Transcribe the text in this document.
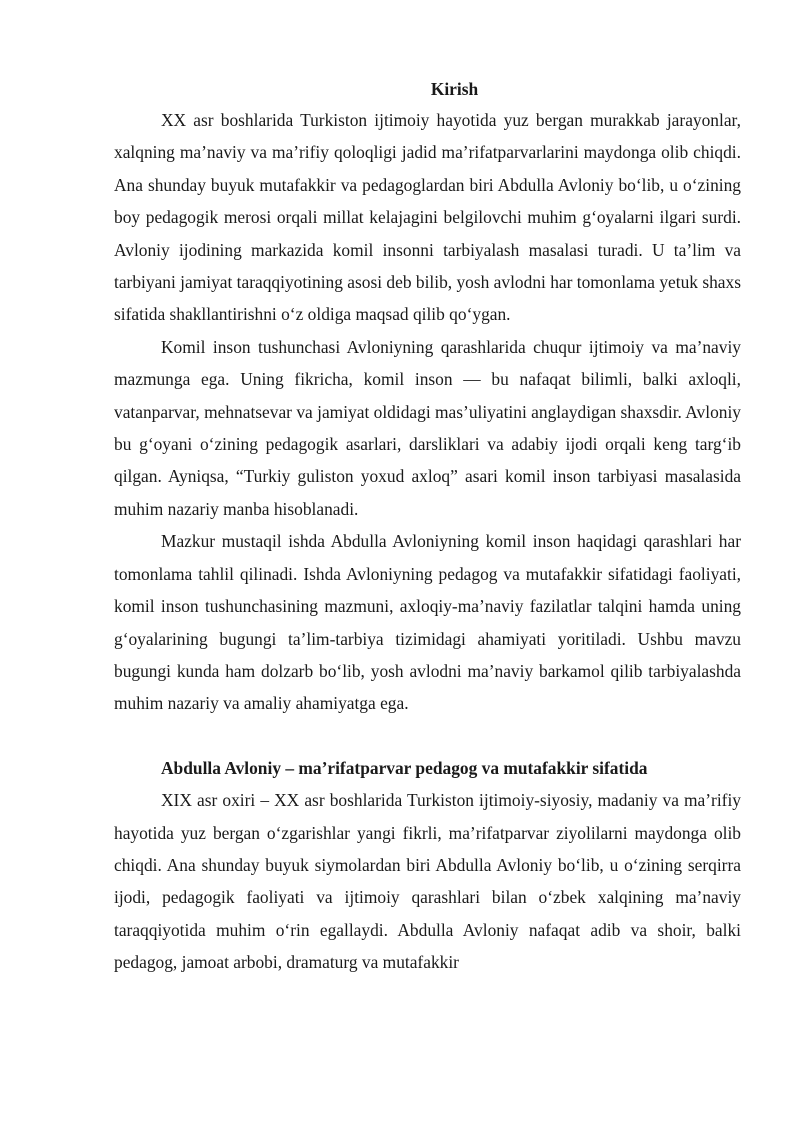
Kirish

XX asr boshlarida Turkiston ijtimoiy hayotida yuz bergan murakkab jarayonlar, xalqning ma’naviy va ma’rifiy qoloqligi jadid ma’rifatparvarlarini maydonga olib chiqdi. Ana shunday buyuk mutafakkir va pedagoglardan biri Abdulla Avloniy bo‘lib, u o‘zining boy pedagogik merosi orqali millat kelajagini belgilovchi muhim g‘oyalarni ilgari surdi. Avloniy ijodining markazida komil insonni tarbiyalash masalasi turadi. U ta’lim va tarbiyani jamiyat taraqqiyotining asosi deb bilib, yosh avlodni har tomonlama yetuk shaxs sifatida shakllantirishni o‘z oldiga maqsad qilib qo‘ygan.

Komil inson tushunchasi Avloniyning qarashlarida chuqur ijtimoiy va ma’naviy mazmunga ega. Uning fikricha, komil inson — bu nafaqat bilimli, balki axloqli, vatanparvar, mehnatsevar va jamiyat oldidagi mas’uliyatini anglaydigan shaxsdir. Avloniy bu g‘oyani o‘zining pedagogik asarlari, darsliklari va adabiy ijodi orqali keng targ‘ib qilgan. Ayniqsa, “Turkiy guliston yoxud axloq” asari komil inson tarbiyasi masalasida muhim nazariy manba hisoblanadi.

Mazkur mustaqil ishda Abdulla Avloniyning komil inson haqidagi qarashlari har tomonlama tahlil qilinadi. Ishda Avloniyning pedagog va mutafakkir sifatidagi faoliyati, komil inson tushunchasining mazmuni, axloqiy-ma’naviy fazilatlar talqini hamda uning g‘oyalarining bugungi ta’lim-tarbiya tizimidagi ahamiyati yoritiladi. Ushbu mavzu bugungi kunda ham dolzarb bo‘lib, yosh avlodni ma’naviy barkamol qilib tarbiyalashda muhim nazariy va amaliy ahamiyatga ega.

Abdulla Avloniy – ma’rifatparvar pedagog va mutafakkir sifatida

XIX asr oxiri – XX asr boshlarida Turkiston ijtimoiy-siyosiy, madaniy va ma’rifiy hayotida yuz bergan o‘zgarishlar yangi fikrli, ma’rifatparvar ziyolilarni maydonga olib chiqdi. Ana shunday buyuk siymolardan biri Abdulla Avloniy bo‘lib, u o‘zining serqirra ijodi, pedagogik faoliyati va ijtimoiy qarashlari bilan o‘zbek xalqining ma’naviy taraqqiyotida muhim o‘rin egallaydi. Abdulla Avloniy nafaqat adib va shoir, balki pedagog, jamoat arbobi, dramaturg va mutafakkir
